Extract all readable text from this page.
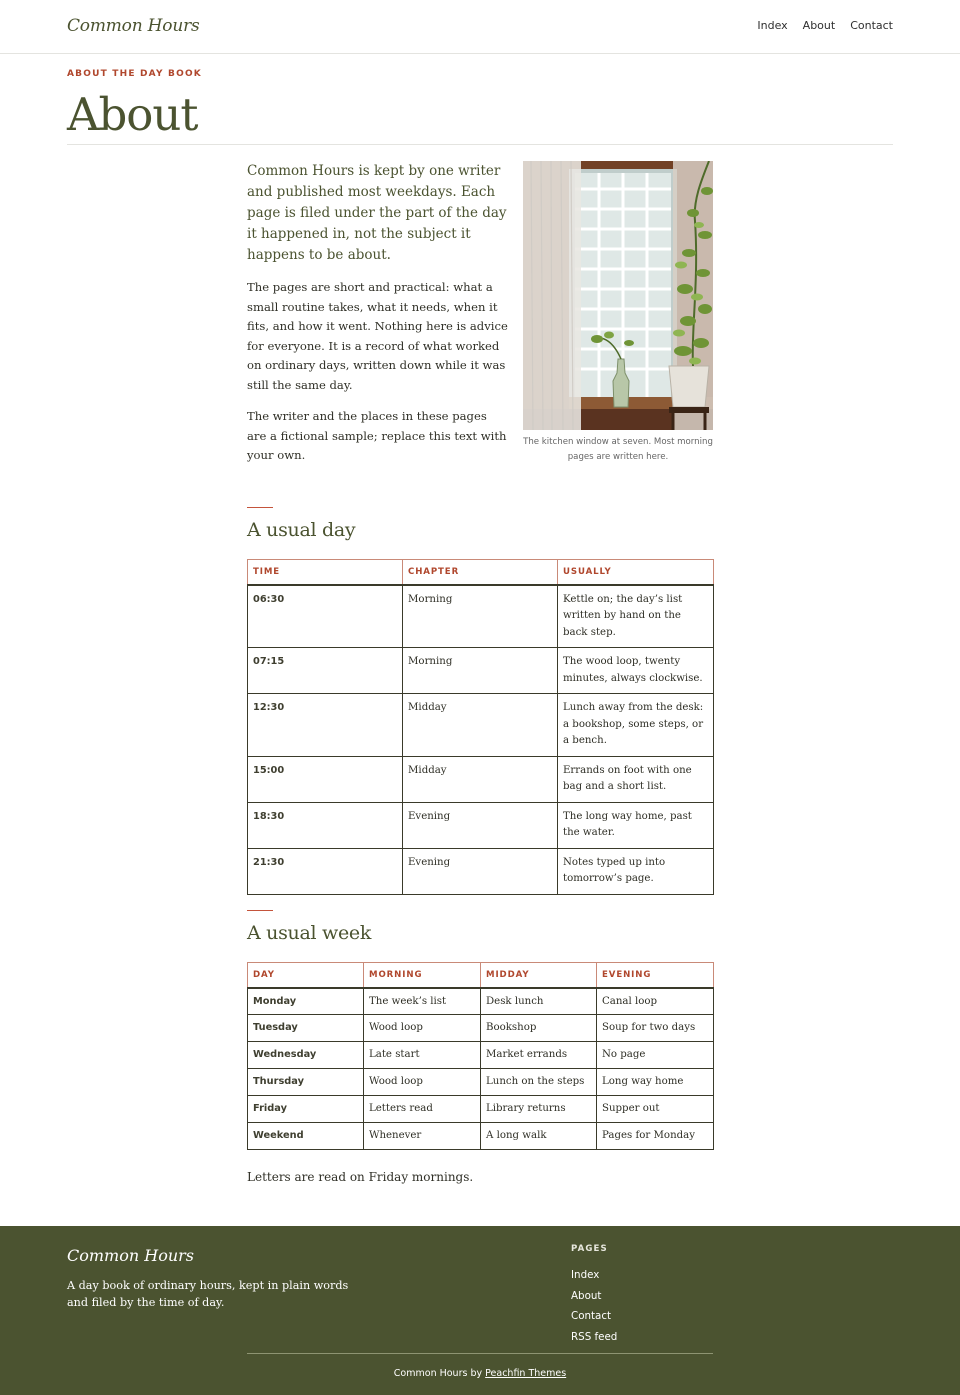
Common Hours	Index About Contact
ABOUT THE DAY BOOK
About

Common Hours is kept by one writer and published most weekdays. Each page is filed under the part of the day it happened in, not the subject it happens to be about.

The pages are short and practical: what a small routine takes, what it needs, when it fits, and how it went. Nothing here is advice for everyone. It is a record of what worked on ordinary days, written down while it was still the same day.

The writer and the places in these pages are a fictional sample; replace this text with your own.

The kitchen window at seven. Most morning pages are written here.
A usual day
TIME	CHAPTER	USUALLY
06:30	Morning	Kettle on; the day’s list written by hand on the back step.
07:15	Morning	The wood loop, twenty minutes, always clockwise.
12:30	Midday	Lunch away from the desk: a bookshop, some steps, or a bench.
15:00	Midday	Errands on foot with one bag and a short list.
18:30	Evening	The long way home, past the water.
21:30	Evening	Notes typed up into tomorrow’s page.
A usual week
DAY	MORNING	MIDDAY	EVENING
Monday	The week’s list	Desk lunch	Canal loop
Tuesday	Wood loop	Bookshop	Soup for two days
Wednesday	Late start	Market errands	No page
Thursday	Wood loop	Lunch on the steps	Long way home
Friday	Letters read	Library returns	Supper out
Weekend	Whenever	A long walk	Pages for Monday

Letters are read on Friday mornings.

Common Hours

A day book of ordinary hours, kept in plain words and filed by the time of day.

PAGES
Index
About
Contact
RSS feed
Common Hours by Peachfin Themes
